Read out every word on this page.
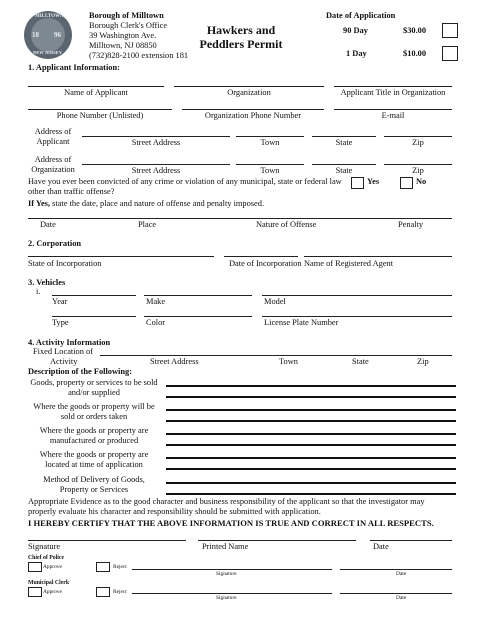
MILLTOWN
18 96
NEW JERSEY
Borough of Milltown
Borough Clerk's Office
39 Washington Ave.
Milltown, NJ 08850
(732)828-2100 extension 181
Hawkers and
Peddlers Permit
Date of Application
90 Day	$30.00
1 Day	$10.00
1. Applicant Information:
Name of Applicant	Organization	Applicant Title in Organization
Phone Number (Unlisted)	Organization Phone Number	E-mail
Address of
Applicant	Street Address	Town	State	Zip
Address of
Organization	Street Address	Town	State	Zip
Have you ever been convicted of any crime or violation of any municipal, state or federal law
other than traffic offense?
Yes	No
If Yes, state the date, place and nature of offense and penalty imposed.
Date	Place	Nature of Offense	Penalty
2. Corporation
State of Incorporation	Date of Incorporation Name of Registered Agent
3. Vehicles
i.
Year	Make	Model
Type	Color	License Plate Number
4. Activity Information
Fixed Location of
Activity	Street Address	Town	State	Zip
Description of the Following:
Goods, property or services to be sold
and/or supplied
Where the goods or property will be
sold or orders taken
Where the goods or property are
manufactured or produced
Where the goods or property are
located at time of application
Method of Delivery of Goods,
Property or Services
Appropriate Evidence as to the good character and business responsibility of the applicant so that the investigator may
properly evaluate his character and responsibility should be submitted with application.
I HEREBY CERTIFY THAT THE ABOVE INFORMATION IS TRUE AND CORRECT IN ALL RESPECTS.
Signature	Printed Name	Date
Chief of Police
Approve	Reject
Signature	Date
Municipal Clerk
Approve	Reject
Signature	Date
